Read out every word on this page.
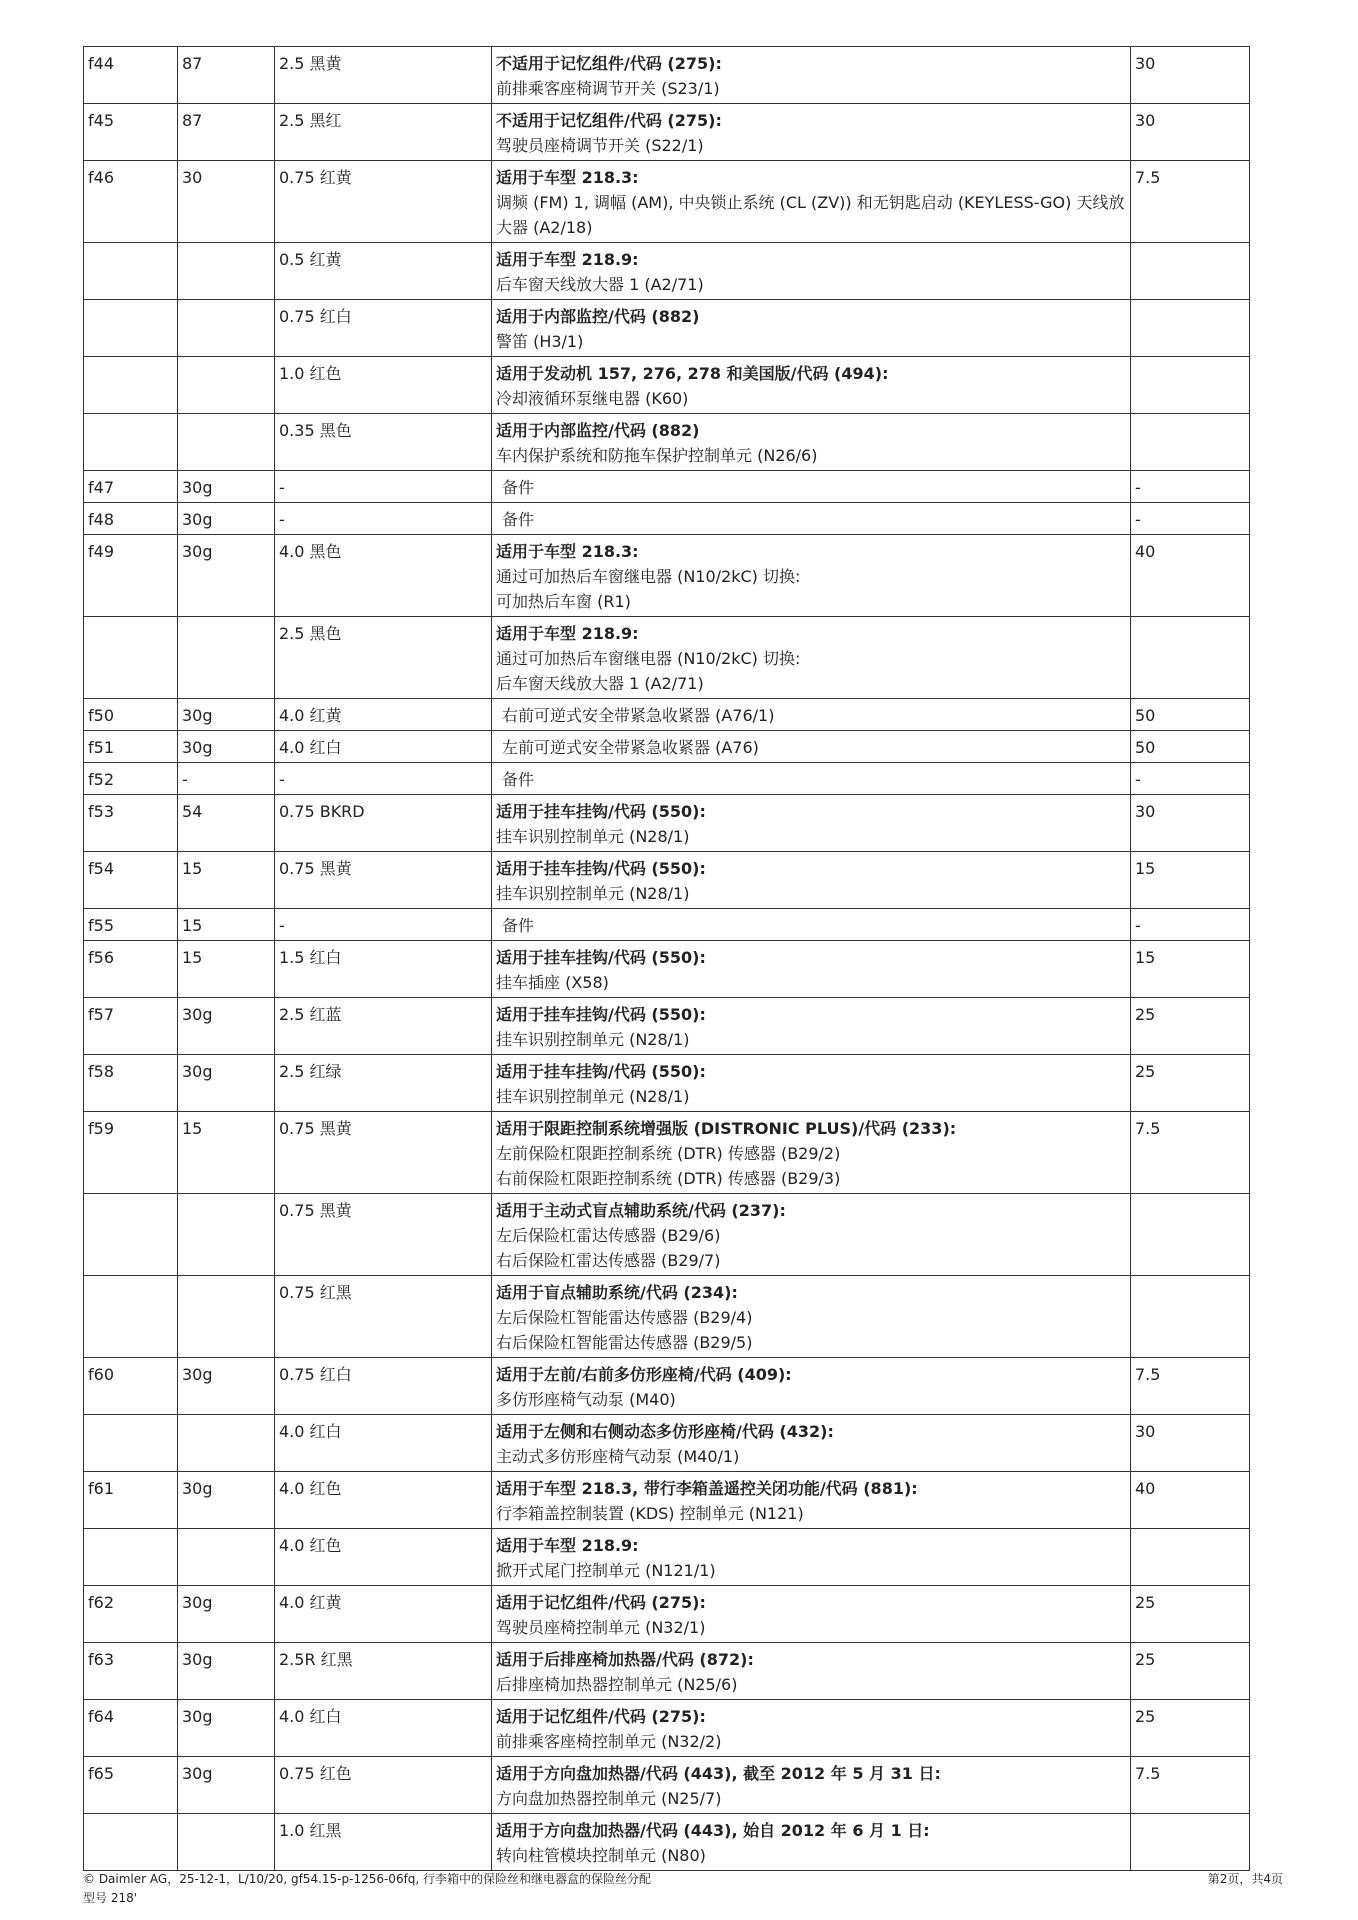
f44	87	2.5 黑黄	不适用于记忆组件/代码 (275):
前排乘客座椅调节开关 (S23/1)	30
f45	87	2.5 黑红	不适用于记忆组件/代码 (275):
驾驶员座椅调节开关 (S22/1)	30
f46	30	0.75 红黄	适用于车型 218.3:
调频 (FM) 1, 调幅 (AM), 中央锁止系统 (CL (ZV)) 和无钥匙启动 (KEYLESS-GO) 天线放大器 (A2/18)	7.5
		0.5 红黄	适用于车型 218.9:
后车窗天线放大器 1 (A2/71)	

		0.75 红白	适用于内部监控/代码 (882)
警笛 (H3/1)	

		1.0 红色	适用于发动机 157, 276, 278 和美国版/代码 (494):
冷却液循环泵继电器 (K60)	

		0.35 黑色	适用于内部监控/代码 (882)
车内保护系统和防拖车保护控制单元 (N26/6)	

f47	30g	-	备件	-
f48	30g	-	备件	-
f49	30g	4.0 黑色	适用于车型 218.3:
通过可加热后车窗继电器 (N10/2kC) 切换:
可加热后车窗 (R1)	40
		2.5 黑色	适用于车型 218.9:
通过可加热后车窗继电器 (N10/2kC) 切换:
后车窗天线放大器 1 (A2/71)	

f50	30g	4.0 红黄	右前可逆式安全带紧急收紧器 (A76/1)	50
f51	30g	4.0 红白	左前可逆式安全带紧急收紧器 (A76)	50
f52	-	-	备件	-
f53	54	0.75 BKRD	适用于挂车挂钩/代码 (550):
挂车识别控制单元 (N28/1)	30
f54	15	0.75 黑黄	适用于挂车挂钩/代码 (550):
挂车识别控制单元 (N28/1)	15
f55	15	-	备件	-
f56	15	1.5 红白	适用于挂车挂钩/代码 (550):
挂车插座 (X58)	15
f57	30g	2.5 红蓝	适用于挂车挂钩/代码 (550):
挂车识别控制单元 (N28/1)	25
f58	30g	2.5 红绿	适用于挂车挂钩/代码 (550):
挂车识别控制单元 (N28/1)	25
f59	15	0.75 黑黄	适用于限距控制系统增强版 (DISTRONIC PLUS)/代码 (233):
左前保险杠限距控制系统 (DTR) 传感器 (B29/2)
右前保险杠限距控制系统 (DTR) 传感器 (B29/3)	7.5
		0.75 黑黄	适用于主动式盲点辅助系统/代码 (237):
左后保险杠雷达传感器 (B29/6)
右后保险杠雷达传感器 (B29/7)	

		0.75 红黑	适用于盲点辅助系统/代码 (234):
左后保险杠智能雷达传感器 (B29/4)
右后保险杠智能雷达传感器 (B29/5)	

f60	30g	0.75 红白	适用于左前/右前多仿形座椅/代码 (409):
多仿形座椅气动泵 (M40)	7.5
		4.0 红白	适用于左侧和右侧动态多仿形座椅/代码 (432):
主动式多仿形座椅气动泵 (M40/1)	30
f61	30g	4.0 红色	适用于车型 218.3, 带行李箱盖遥控关闭功能/代码 (881):
行李箱盖控制装置 (KDS) 控制单元 (N121)	40
		4.0 红色	适用于车型 218.9:
掀开式尾门控制单元 (N121/1)	

f62	30g	4.0 红黄	适用于记忆组件/代码 (275):
驾驶员座椅控制单元 (N32/1)	25
f63	30g	2.5R 红黑	适用于后排座椅加热器/代码 (872):
后排座椅加热器控制单元 (N25/6)	25
f64	30g	4.0 红白	适用于记忆组件/代码 (275):
前排乘客座椅控制单元 (N32/2)	25
f65	30g	0.75 红色	适用于方向盘加热器/代码 (443), 截至 2012 年 5 月 31 日:
方向盘加热器控制单元 (N25/7)	7.5
		1.0 红黑	适用于方向盘加热器/代码 (443), 始自 2012 年 6 月 1 日:
转向柱管模块控制单元 (N80)	

© Daimler AG，25-12-1，L/10/20, gf54.15-p-1256-06fq, 行李箱中的保险丝和继电器盒的保险丝分配
型号 218'
第2页，共4页
